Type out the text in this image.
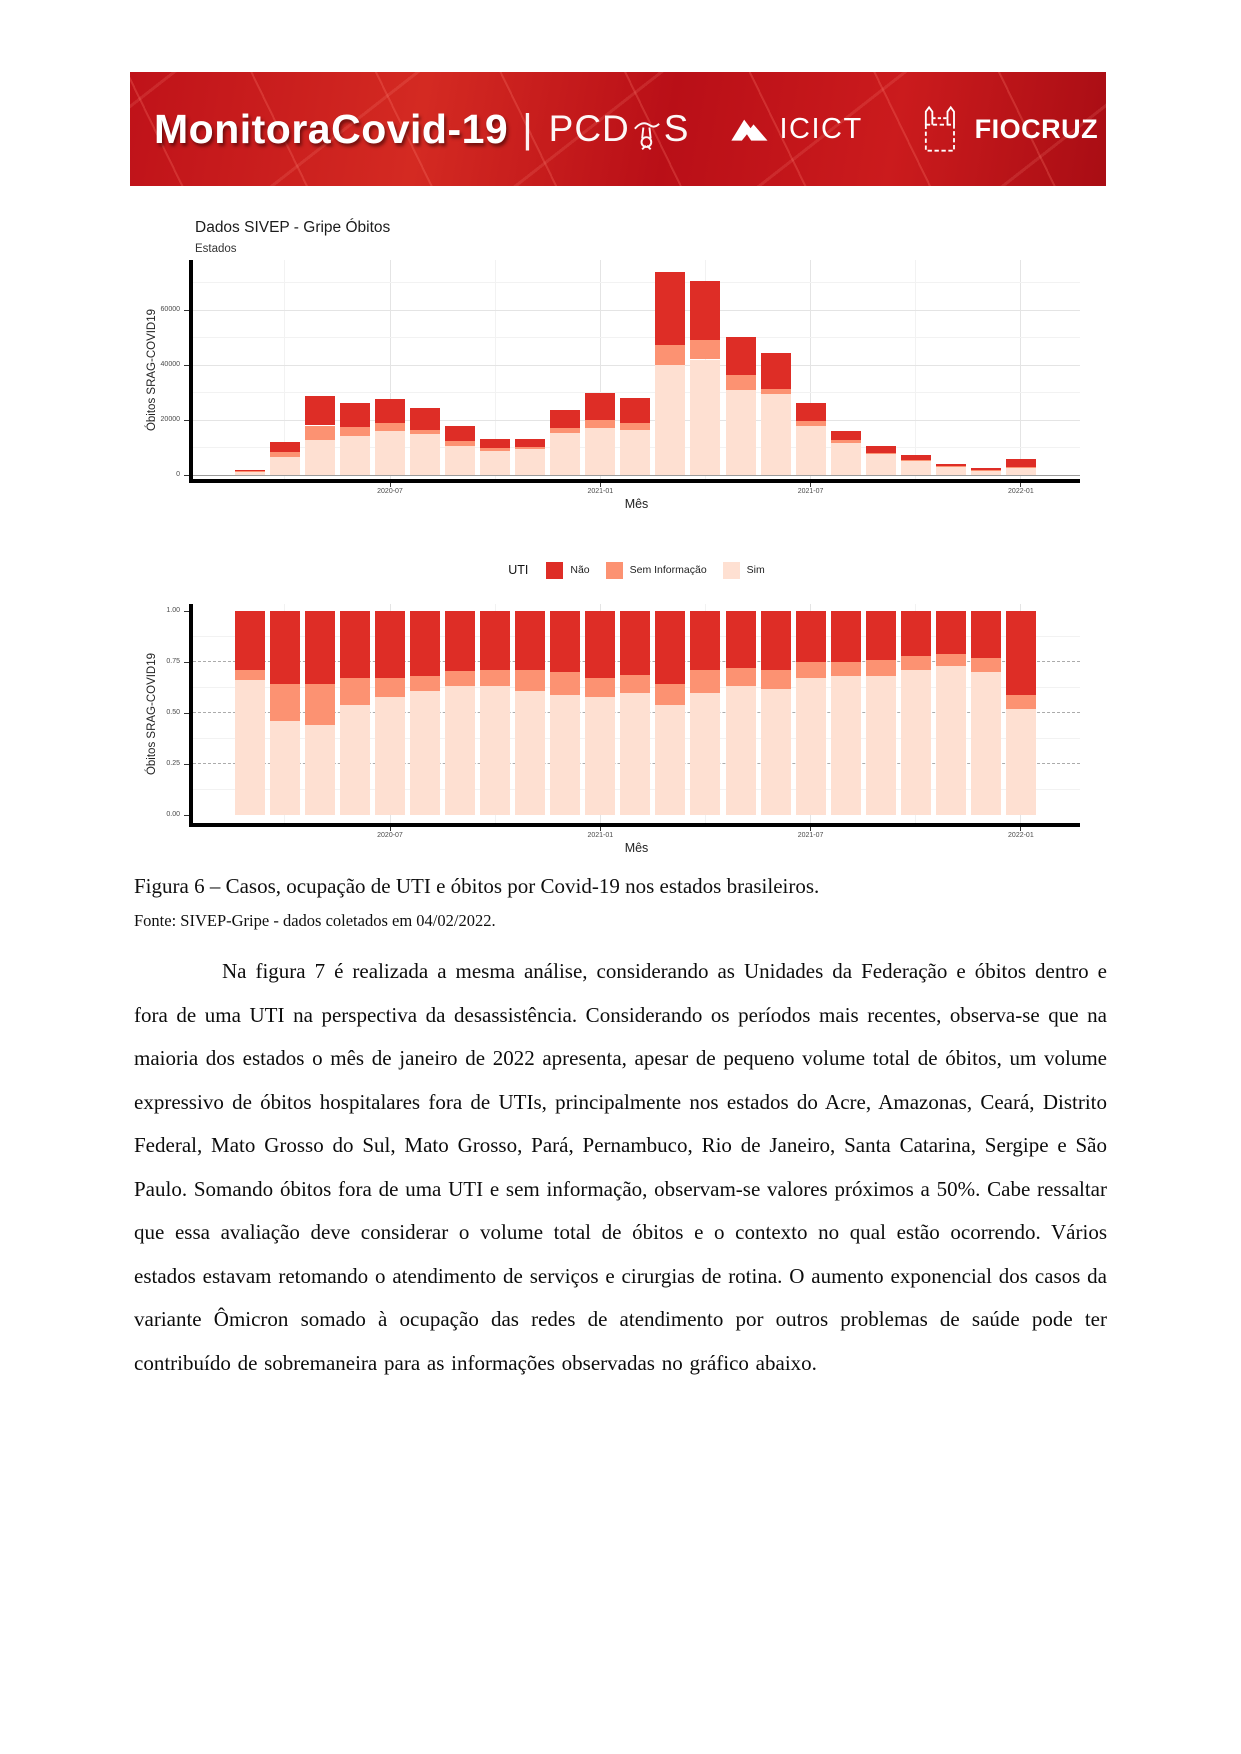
MonitoraCovid-19 | PCD S	ICICT	FIOCRUZ
0
20000
40000
60000
2020-07	2021-01	2021-07	2022-01
Mês
Óbitos SRAG-COVID19
Dados SIVEP - Gripe Óbitos
Estados
0.00
0.25
0.50
0.75
1.00
2020-07	2021-01	2021-07	2022-01
Mês
Óbitos SRAG-COVID19
UTI	Não	Sem Informação	Sim
Figura 6 – Casos, ocupação de UTI e óbitos por Covid-19 nos estados brasileiros.
Fonte: SIVEP-Gripe - dados coletados em 04/02/2022.

Na figura 7 é realizada a mesma análise, considerando as Unidades da Federação e óbitos dentro e fora de uma UTI na perspectiva da desassistência. Considerando os períodos mais recentes, observa-se que na maioria dos estados o mês de janeiro de 2022 apresenta, apesar de pequeno volume total de óbitos, um volume expressivo de óbitos hospitalares fora de UTIs, principalmente nos estados do Acre, Amazonas, Ceará, Distrito Federal, Mato Grosso do Sul, Mato Grosso, Pará, Pernambuco, Rio de Janeiro, Santa Catarina, Sergipe e São Paulo. Somando óbitos fora de uma UTI e sem informação, observam-se valores próximos a 50%. Cabe ressaltar que essa avaliação deve considerar o volume total de óbitos e o contexto no qual estão ocorrendo. Vários estados estavam retomando o atendimento de serviços e cirurgias de rotina. O aumento exponencial dos casos da variante Ômicron somado à ocupação das redes de atendimento por outros problemas de saúde pode ter contribuído de sobremaneira para as informações observadas no gráfico abaixo.
